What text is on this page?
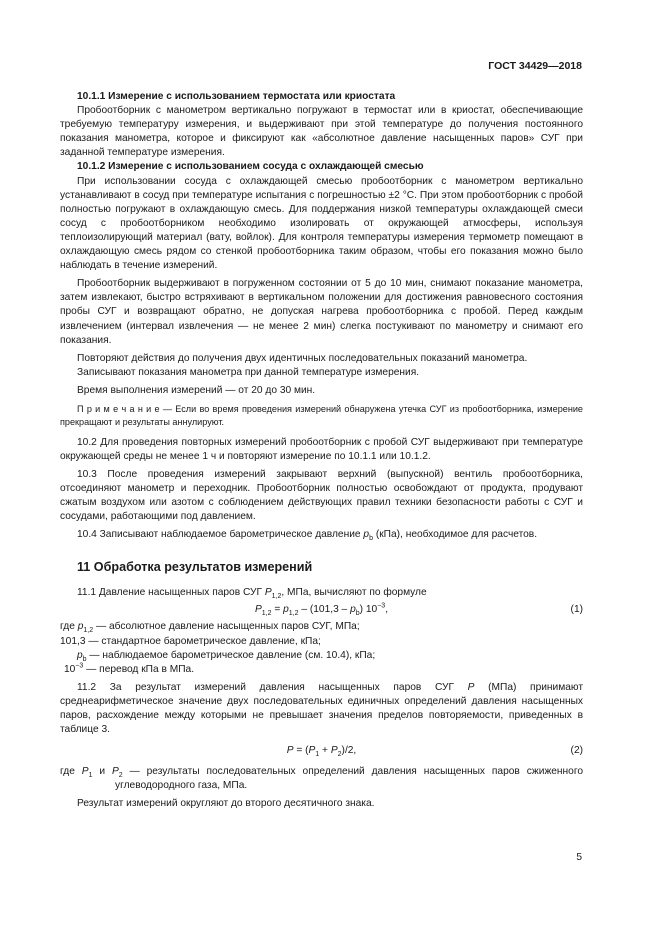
ГОСТ 34429—2018

10.1.1 Измерение с использованием термостата или криостата

Пробоотборник с манометром вертикально погружают в термостат или в криостат, обеспечивающие требуемую температуру измерения, и выдерживают при этой температуре до получения постоянного показания манометра, которое и фиксируют как «абсолютное давление насыщенных паров» СУГ при заданной температуре измерения.

10.1.2 Измерение с использованием сосуда с охлаждающей смесью

При использовании сосуда с охлаждающей смесью пробоотборник с манометром вертикально устанавливают в сосуд при температуре испытания с погрешностью ±2 °С. При этом пробоотборник с пробой полностью погружают в охлаждающую смесь. Для поддержания низкой температуры охлаждающей смеси сосуд с пробоотборником необходимо изолировать от окружающей атмосферы, используя теплоизолирующий материал (вату, войлок). Для контроля температуры измерения термометр помещают в охлаждающую смесь рядом со стенкой пробоотборника таким образом, чтобы его показания можно было наблюдать в течение измерений.

Пробоотборник выдерживают в погруженном состоянии от 5 до 10 мин, снимают показание манометра, затем извлекают, быстро встряхивают в вертикальном положении для достижения равновесного состояния пробы СУГ и возвращают обратно, не допуская нагрева пробоотборника с пробой. Перед каждым извлечением (интервал извлечения — не менее 2 мин) слегка постукивают по манометру и снимают его показания.

Повторяют действия до получения двух идентичных последовательных показаний манометра.

Записывают показания манометра при данной температуре измерения.

Время выполнения измерений — от 20 до 30 мин.

П р и м е ч а н и е — Если во время проведения измерений обнаружена утечка СУГ из пробоотборника, измерение прекращают и результаты аннулируют.

10.2 Для проведения повторных измерений пробоотборник с пробой СУГ выдерживают при температуре окружающей среды не менее 1 ч и повторяют измерение по 10.1.1 или 10.1.2.

10.3 После проведения измерений закрывают верхний (выпускной) вентиль пробоотборника, отсоединяют манометр и переходник. Пробоотборник полностью освобождают от продукта, продувают сжатым воздухом или азотом с соблюдением действующих правил техники безопасности работы с СУГ и сосудами, работающими под давлением.

10.4 Записывают наблюдаемое барометрическое давление $p_b$ (кПа), необходимое для расчетов.

11 Обработка результатов измерений

11.1 Давление насыщенных паров СУГ $P_{1,2}$, МПа, вычисляют по формуле

$P_{1,2} = p_{1,2} - (101,3 - p_b)$ $10^{-3}$,	(1)

где $p_{1,2}$ — абсолютное давление насыщенных паров СУГ, МПа;

101,3 — стандартное барометрическое давление, кПа;

$p_b$ — наблюдаемое барометрическое давление (см. 10.4), кПа;

$10^{-3}$ — перевод кПа в МПа.

11.2 За результат измерений давления насыщенных паров СУГ P (МПа) принимают среднеарифметическое значение двух последовательных единичных определений давления насыщенных паров, расхождение между которыми не превышает значения пределов повторяемости, приведенных в таблице 3.

$P = (P_1 + P_2)/2$,	(2)

где $P_1$ и $P_2$ — результаты последовательных определений давления насыщенных паров сжиженного углеводородного газа, МПа.

Результат измерений округляют до второго десятичного знака.

5
